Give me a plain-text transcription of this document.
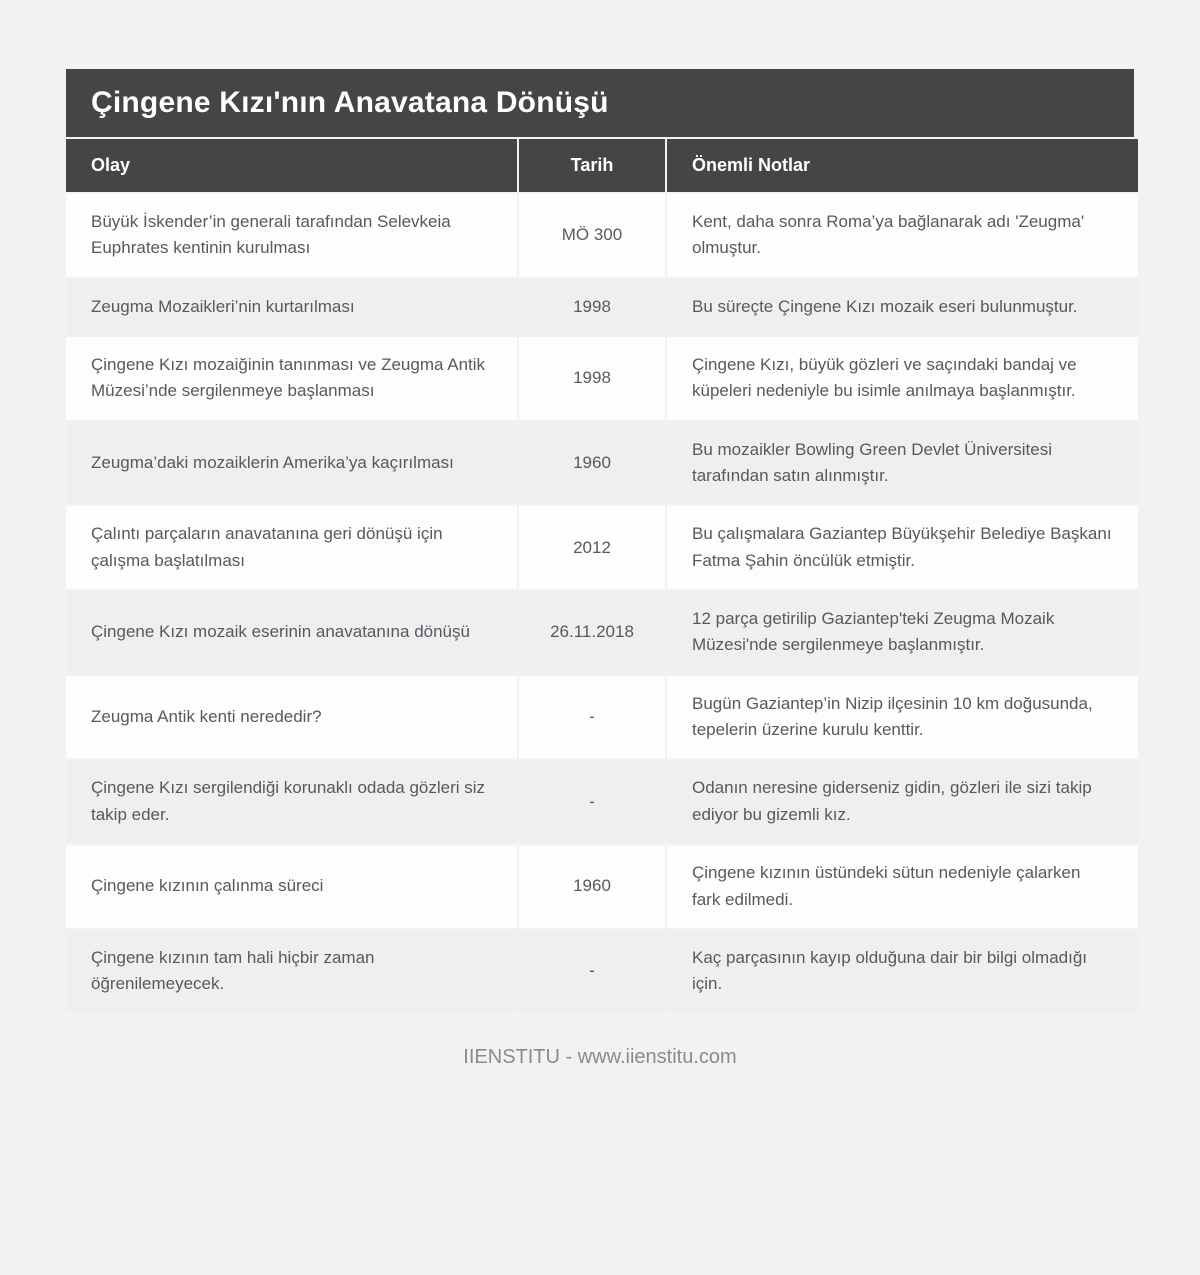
Çingene Kızı'nın Anavatana Dönüşü
Olay	Tarih	Önemli Notlar
Büyük İskender’in generali tarafından Selevkeia Euphrates kentinin kurulması	MÖ 300	Kent, daha sonra Roma’ya bağlanarak adı 'Zeugma' olmuştur.
Zeugma Mozaikleri’nin kurtarılması	1998	Bu süreçte Çingene Kızı mozaik eseri bulunmuştur.
Çingene Kızı mozaiğinin tanınması ve Zeugma Antik Müzesi’nde sergilenmeye başlanması	1998	Çingene Kızı, büyük gözleri ve saçındaki bandaj ve küpeleri nedeniyle bu isimle anılmaya başlanmıştır.
Zeugma’daki mozaiklerin Amerika’ya kaçırılması	1960	Bu mozaikler Bowling Green Devlet Üniversitesi tarafından satın alınmıştır.
Çalıntı parçaların anavatanına geri dönüşü için çalışma başlatılması	2012	Bu çalışmalara Gaziantep Büyükşehir Belediye Başkanı Fatma Şahin öncülük etmiştir.
Çingene Kızı mozaik eserinin anavatanına dönüşü	26.11.2018	12 parça getirilip Gaziantep'teki Zeugma Mozaik Müzesi'nde sergilenmeye başlanmıştır.
Zeugma Antik kenti nerededir?	-	Bugün Gaziantep’in Nizip ilçesinin 10 km doğusunda, tepelerin üzerine kurulu kenttir.
Çingene Kızı sergilendiği korunaklı odada gözleri siz takip eder.	-	Odanın neresine giderseniz gidin, gözleri ile sizi takip ediyor bu gizemli kız.
Çingene kızının çalınma süreci	1960	Çingene kızının üstündeki sütun nedeniyle çalarken fark edilmedi.
Çingene kızının tam hali hiçbir zaman öğrenilemeyecek.	-	Kaç parçasının kayıp olduğuna dair bir bilgi olmadığı için.
IIENSTITU - www.iienstitu.com
